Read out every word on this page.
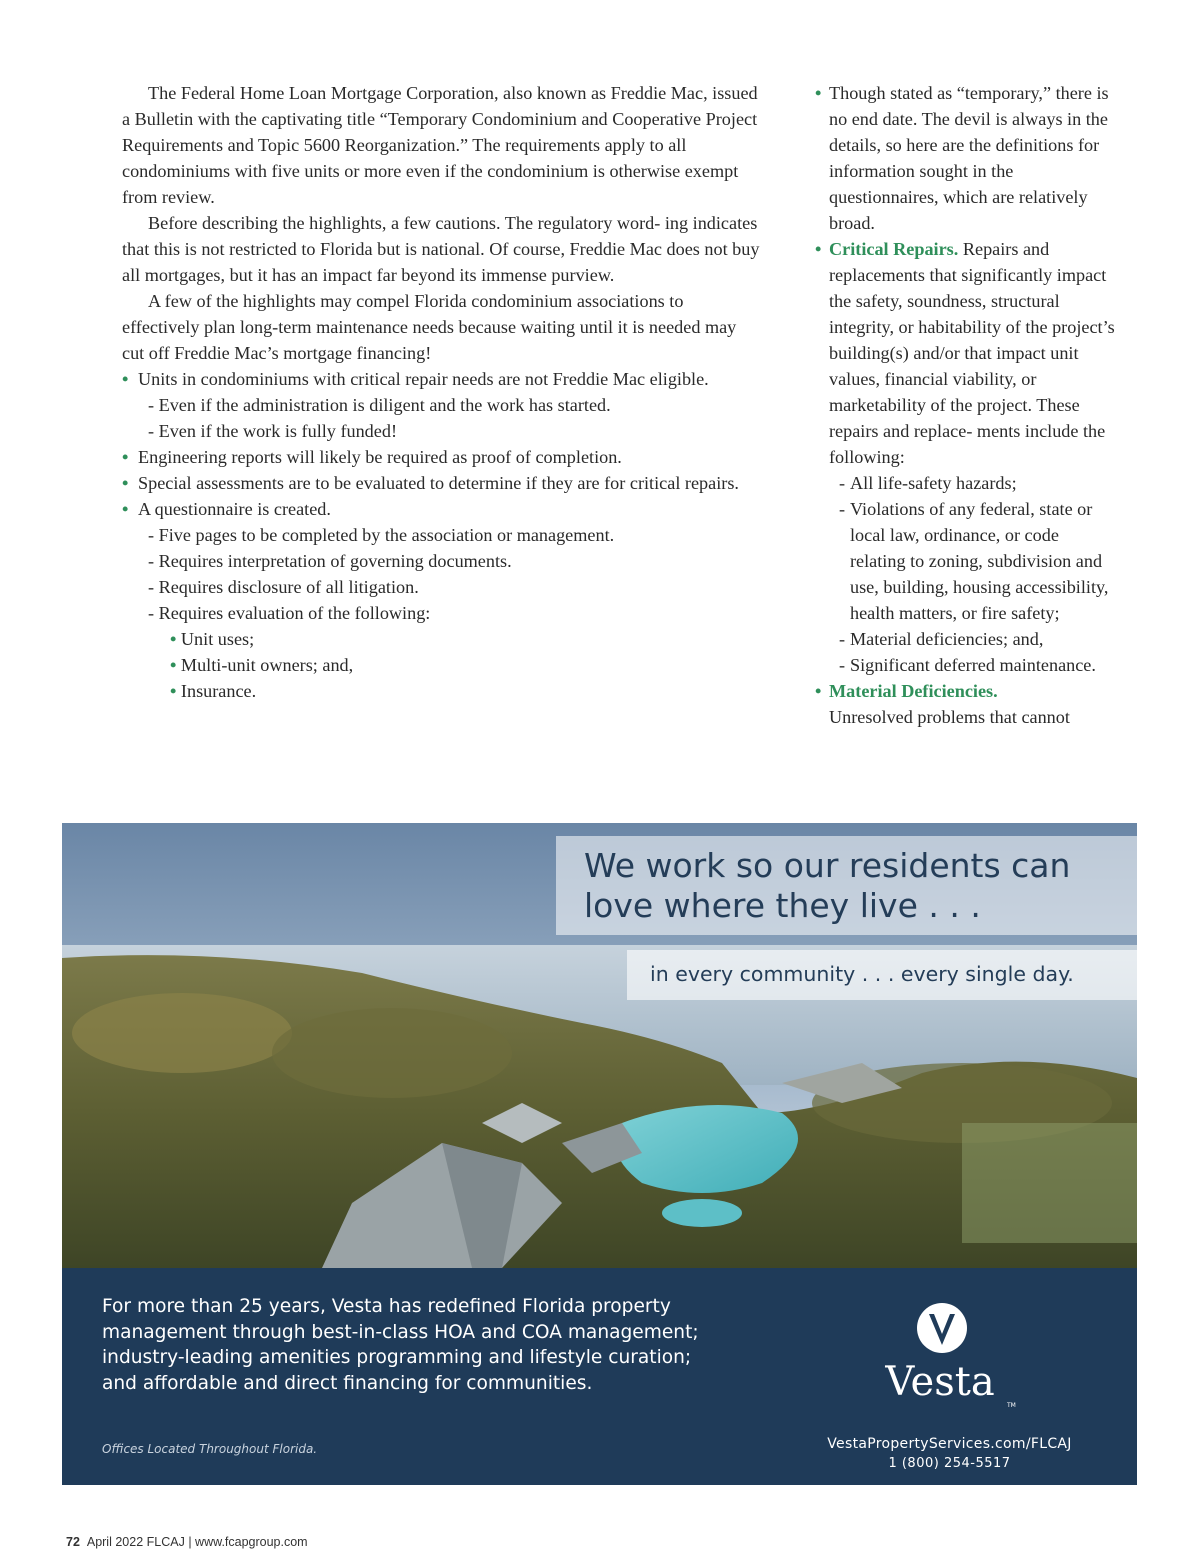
The Federal Home Loan Mortgage Corporation, also known as Freddie Mac, issued a Bulletin with the captivating title “Temporary Condominium and Cooperative Project Requirements and Topic 5600 Reorganization.” The requirements apply to all condominiums with five units or more even if the condominium is otherwise exempt from review.

Before describing the highlights, a few cautions. The regulatory word- ing indicates that this is not restricted to Florida but is national. Of course, Freddie Mac does not buy all mortgages, but it has an impact far beyond its immense purview.

A few of the highlights may compel Florida condominium associations to effectively plan long-term maintenance needs because waiting until it is needed may cut off Freddie Mac’s mortgage financing!

• Units in condominiums with critical repair needs are not Freddie Mac eligible.
- Even if the administration is diligent and the work has started.
- Even if the work is fully funded!
• Engineering reports will likely be required as proof of completion.
• Special assessments are to be evaluated to determine if they are for critical repairs.
• A questionnaire is created.
- Five pages to be completed by the association or management.
- Requires interpretation of governing documents.
- Requires disclosure of all litigation.
- Requires evaluation of the following:
• Unit uses;
• Multi-unit owners; and,
• Insurance.
• Though stated as “temporary,” there is no end date. The devil is always in the details, so here are the definitions for information sought in the questionnaires, which are relatively broad.
• Critical Repairs. Repairs and replacements that significantly impact the safety, soundness, structural integrity, or habitability of the project’s building(s) and/or that impact unit values, financial viability, or marketability of the project. These repairs and replace- ments include the following:
- All life-safety hazards;
- Violations of any federal, state or local law, ordinance, or code relating to zoning, subdivision and use, building, housing accessibility, health matters, or fire safety;
- Material deficiencies; and,
- Significant deferred maintenance.
• Material Deficiencies.
Unresolved problems that cannot

We work so our residents can love where they live . . .

in every community . . . every single day.

For more than 25 years, Vesta has redefined Florida property management through best-in-class HOA and COA management; industry-leading amenities programming and lifestyle curation; and affordable and direct financing for communities.

Offices Located Throughout Florida.

Vesta
TM

VestaPropertyServices.com/FLCAJ

1 (800) 254-5517

72 April 2022 FLCAJ | www.fcapgroup.com
